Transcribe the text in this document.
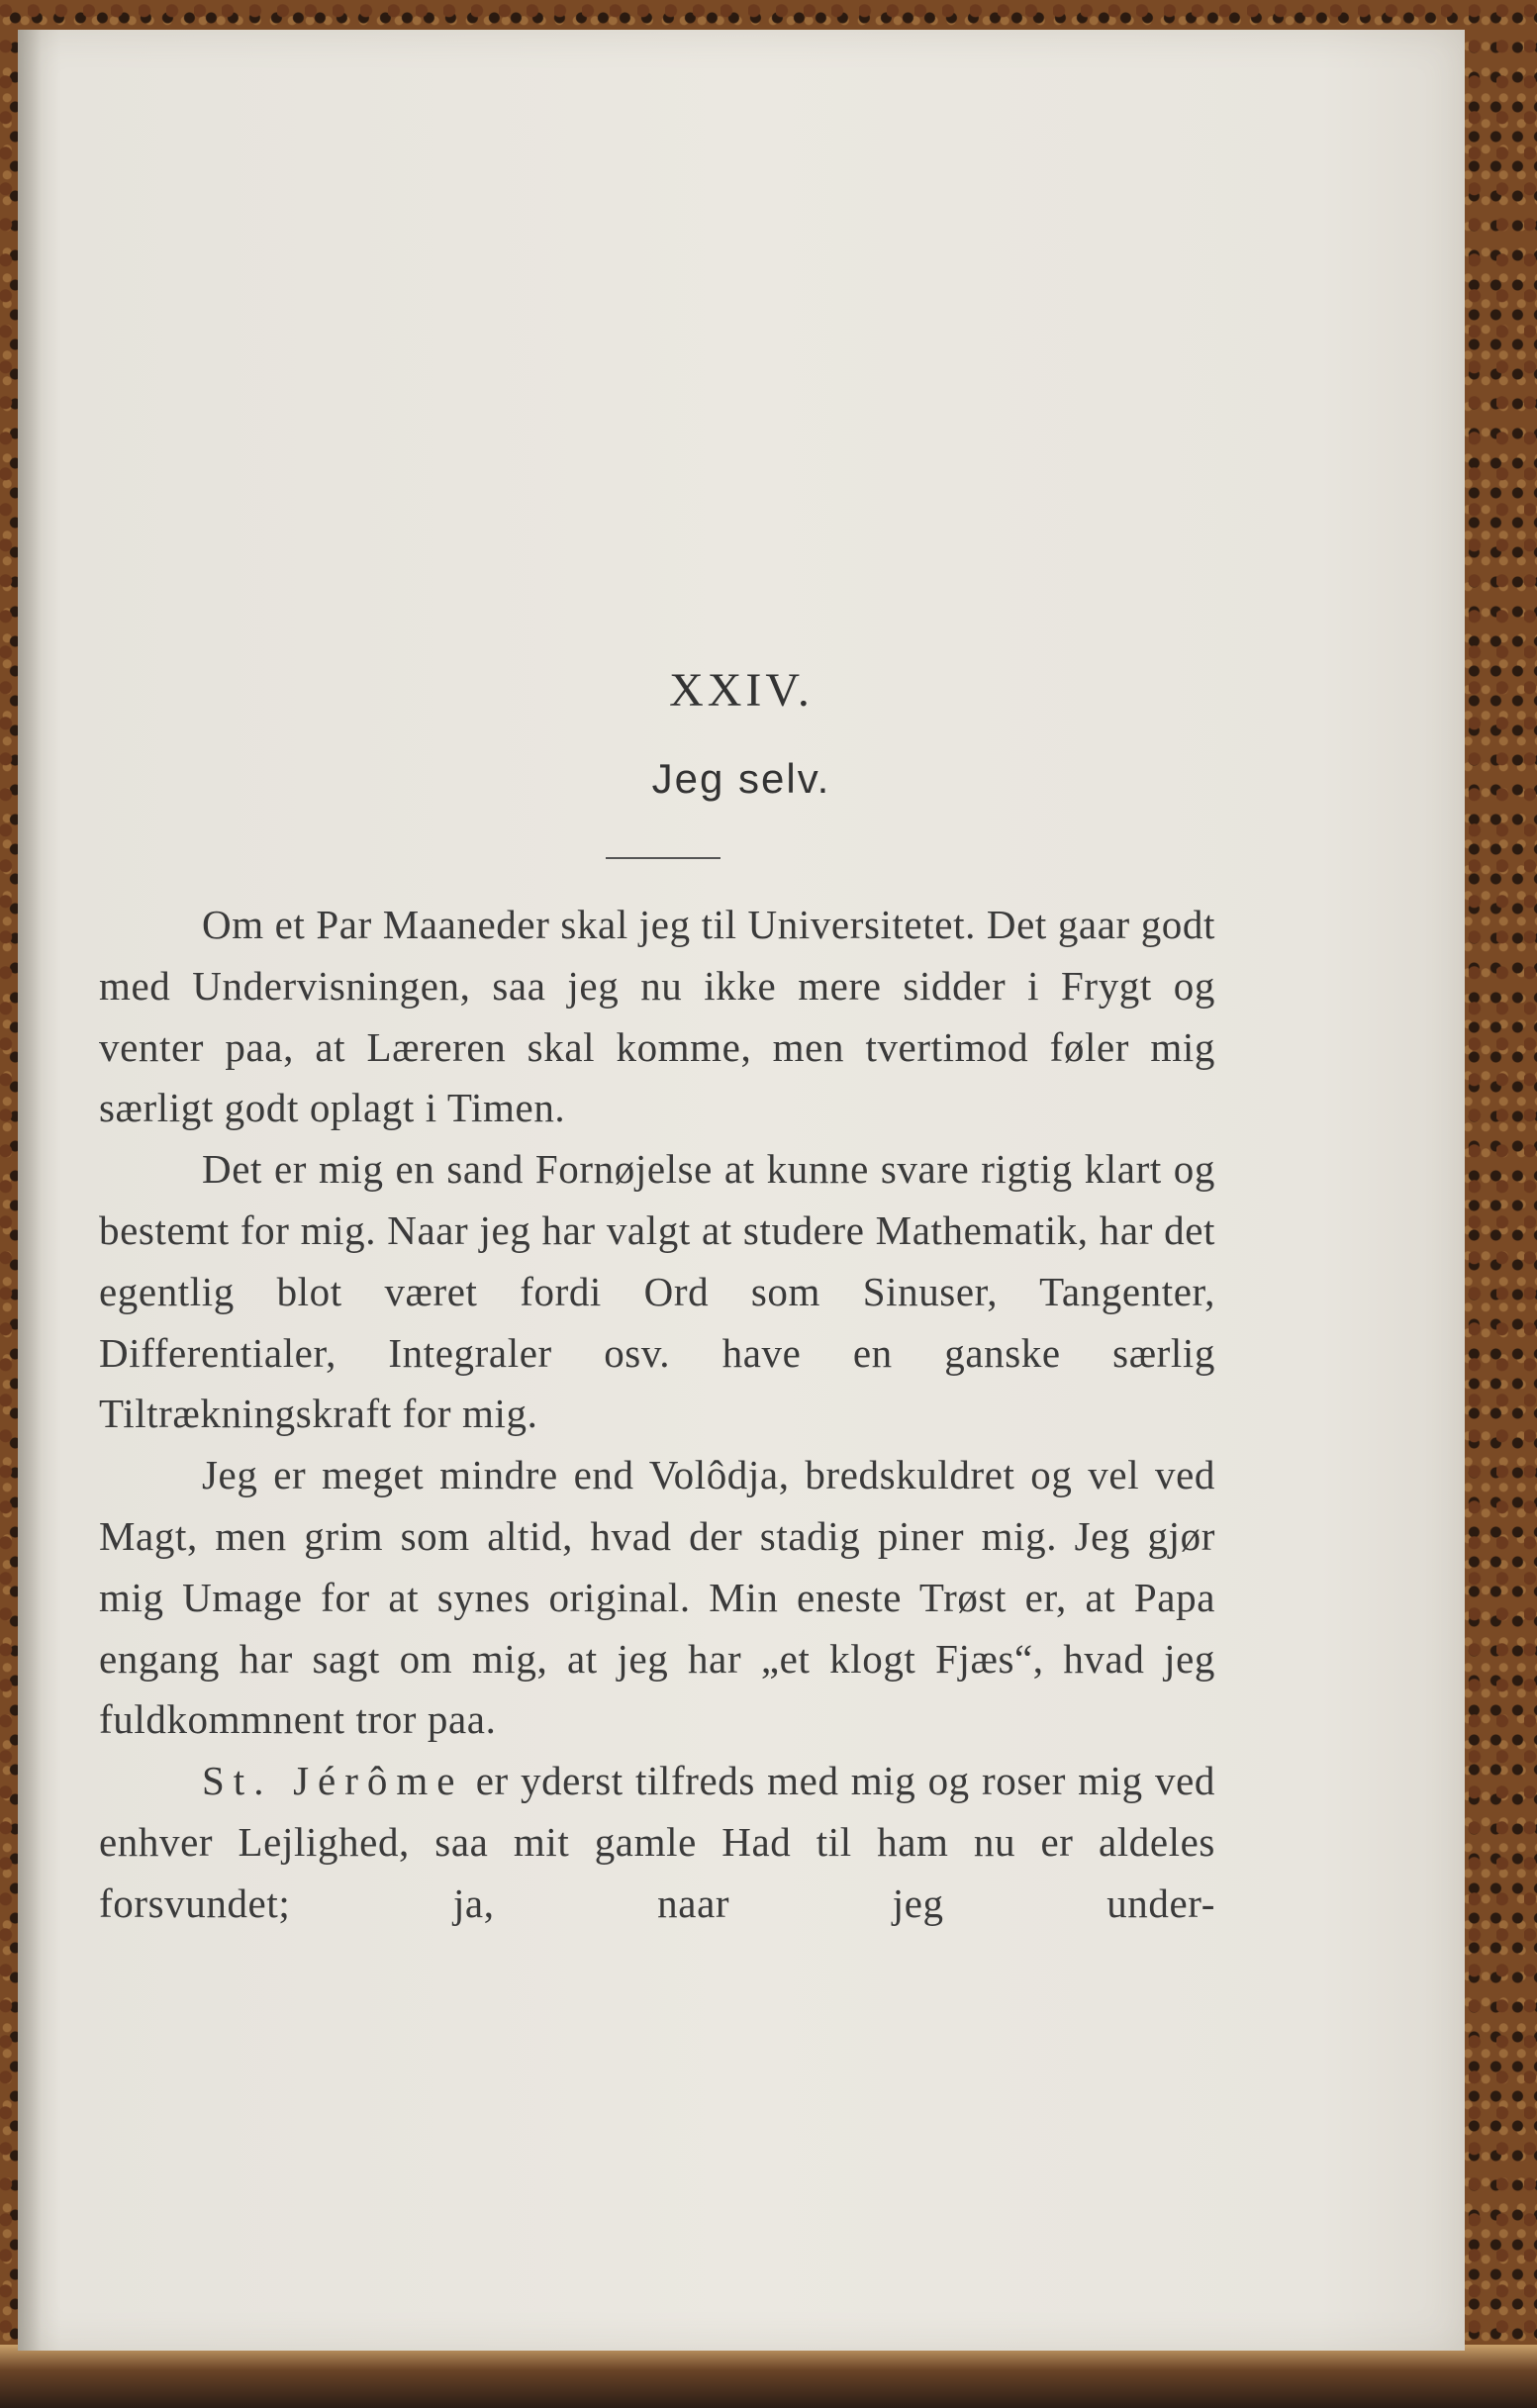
XXIV.
Jeg selv.

Om et Par Maaneder skal jeg til Universitetet. Det gaar godt med Undervisningen, saa jeg nu ikke mere sidder i Frygt og venter paa, at Læreren skal komme, men tvertimod føler mig særligt godt oplagt i Timen.

Det er mig en sand Fornøjelse at kunne svare rigtig klart og bestemt for mig. Naar jeg har valgt at studere Mathematik, har det egentlig blot været fordi Ord som Sinuser, Tangenter, Differentialer, Integraler osv. have en ganske særlig Tiltrækningskraft for mig.

Jeg er meget mindre end Volôdja, bredskuldret og vel ved Magt, men grim som altid, hvad der stadig piner mig. Jeg gjør mig Umage for at synes original. Min eneste Trøst er, at Papa engang har sagt om mig, at jeg har „et klogt Fjæs“, hvad jeg fuldkommnent tror paa.

St. Jérôme er yderst tilfreds med mig og roser mig ved enhver Lejlighed, saa mit gamle Had til ham nu er aldeles forsvundet; ja, naar jeg under-
